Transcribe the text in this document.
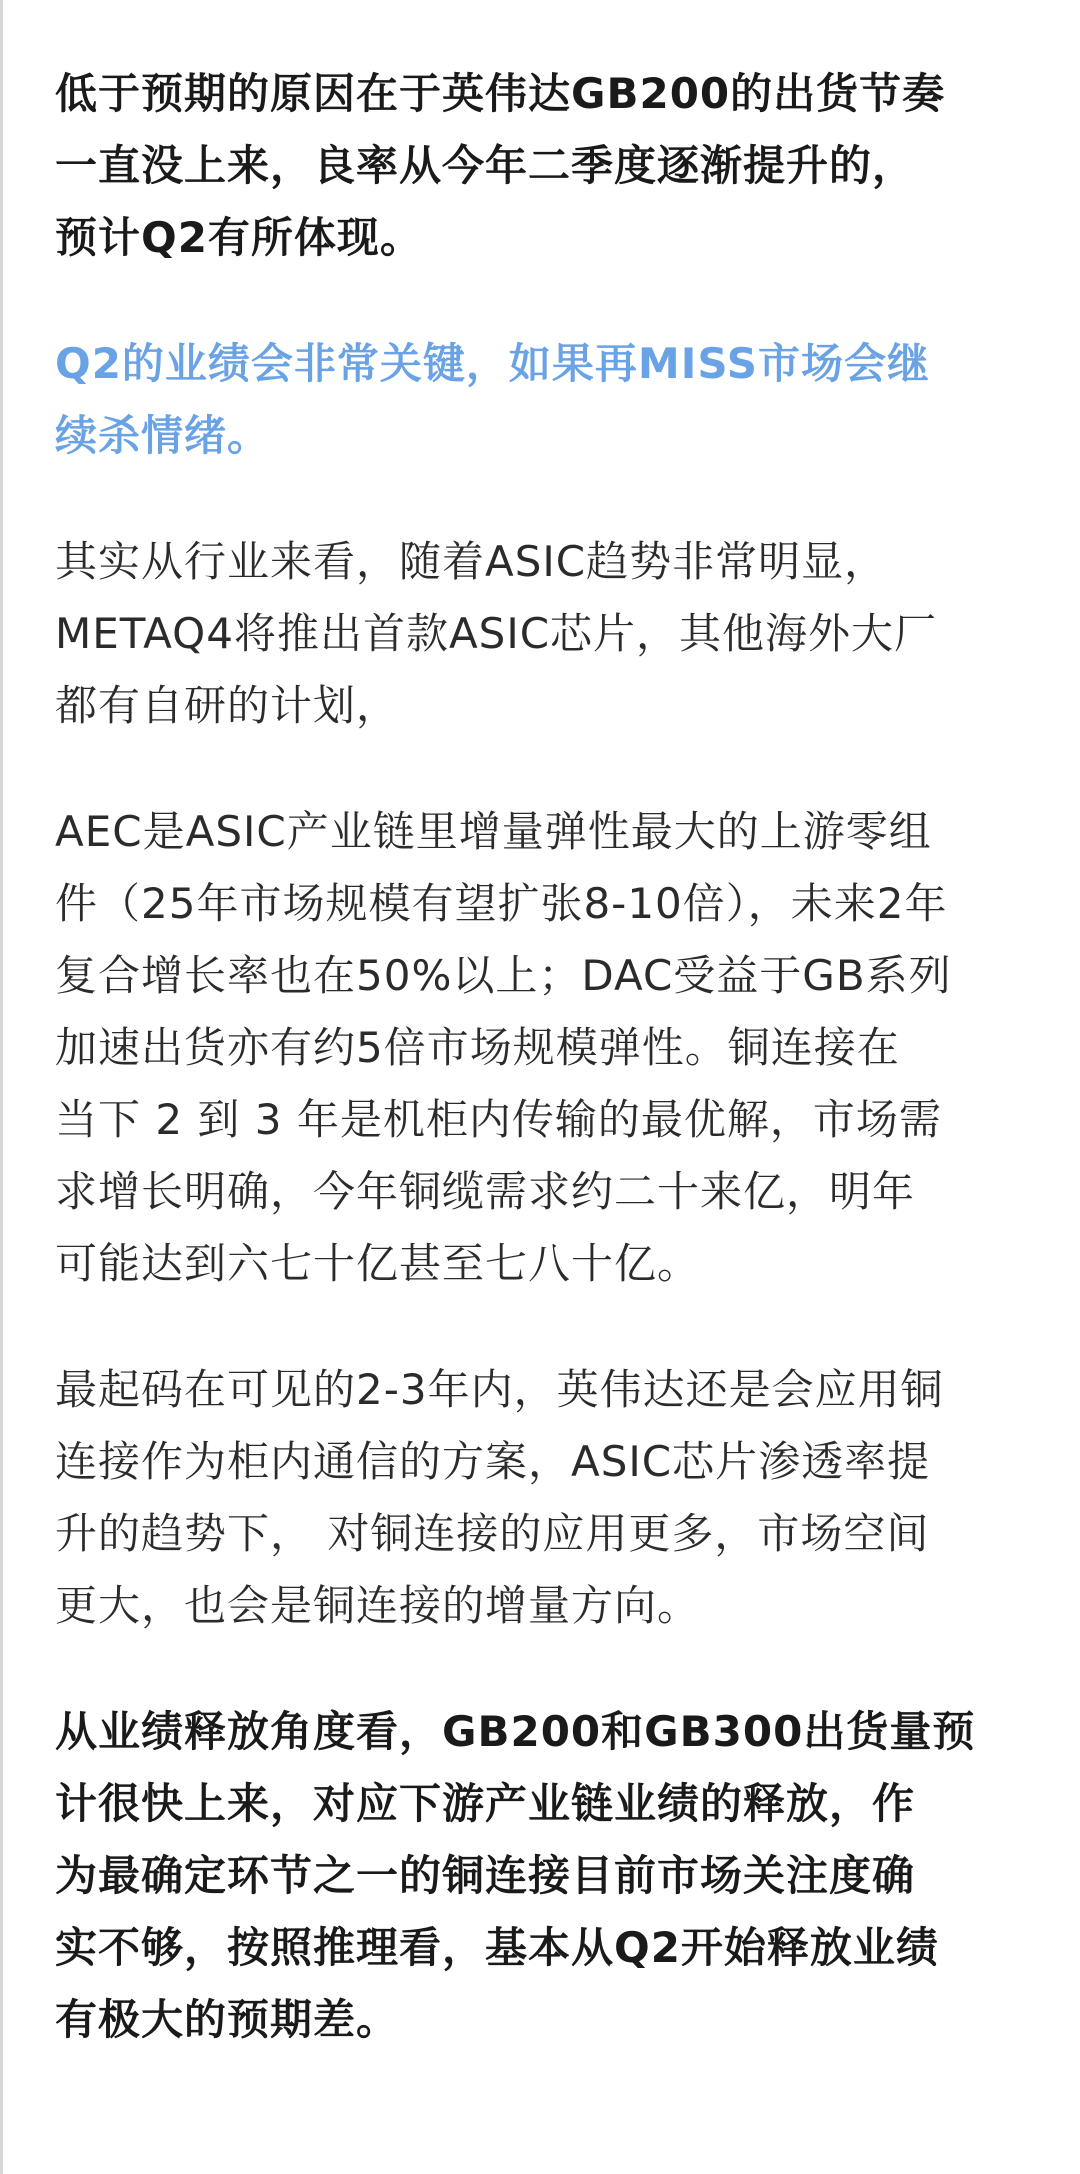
低于预期的原因在于英伟达GB200的出货节奏
一直没上来，良率从今年二季度逐渐提升的，
预计Q2有所体现。

Q2的业绩会非常关键，如果再MISS市场会继
续杀情绪。

其实从行业来看，随着ASIC趋势非常明显，
METAQ4将推出首款ASIC芯片，其他海外大厂
都有自研的计划，

AEC是ASIC产业链里增量弹性最大的上游零组
件（25年市场规模有望扩张8-10倍），未来2年
复合增长率也在50%以上；DAC受益于GB系列
加速出货亦有约5倍市场规模弹性。铜连接在
当下 2 到 3 年是机柜内传输的最优解，市场需
求增长明确，今年铜缆需求约二十来亿，明年
可能达到六七十亿甚至七八十亿。

最起码在可见的2-3年内，英伟达还是会应用铜
连接作为柜内通信的方案，ASIC芯片渗透率提
升的趋势下， 对铜连接的应用更多，市场空间
更大，也会是铜连接的增量方向。

从业绩释放角度看，GB200和GB300出货量预
计很快上来，对应下游产业链业绩的释放，作
为最确定环节之一的铜连接目前市场关注度确
实不够，按照推理看，基本从Q2开始释放业绩
有极大的预期差。
